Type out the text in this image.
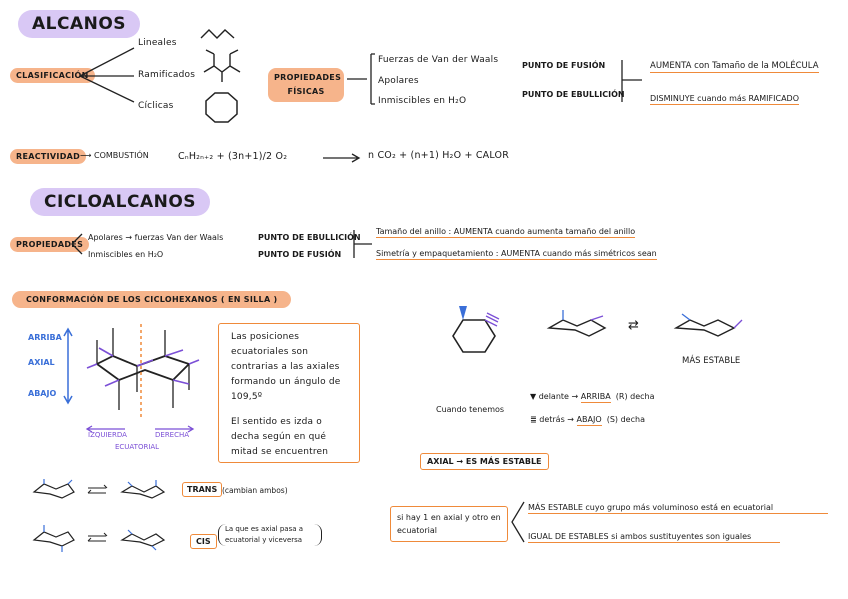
ALCANOS
CLASIFICACIÓN
Lineales
Ramificados
Cíclicas
PROPIEDADES
FÍSICAS
Fuerzas de Van der Waals
Apolares
Inmiscibles en H₂O
PUNTO DE FUSIÓN
PUNTO DE EBULLICIÓN
AUMENTA con Tamaño de la MOLÉCULA
DISMINUYE cuando más RAMIFICADO
REACTIVIDAD ⟶ COMBUSTIÓN	CₙH₂ₙ₊₂ + (3n+1)/2 O₂ → n CO₂ + (n+1) H₂O + CALOR
CICLOALCANOS
PROPIEDADES
Apolares → fuerzas Van der Waals
Inmiscibles en H₂O
PUNTO DE EBULLICIÓN
PUNTO DE FUSIÓN
Tamaño del anillo : AUMENTA cuando aumenta tamaño del anillo
Simetría y empaquetamiento : AUMENTA cuando más simétricos sean
CONFORMACIÓN DE LOS CICLOHEXANOS ( EN SILLA )
ARRIBA
AXIAL
ABAJO
IZQUIERDA	DERECHA
ECUATORIAL
Las posiciones ecuatoriales son contrarias a las axiales formando un ángulo de 109,5º
El sentido es izda o decha según en qué mitad se encuentren
TRANS (cambian ambos)
CIS
La que es axial pasa a ecuatorial y viceversa
⇄
MÁS ESTABLE
Cuando tenemos
▼ delante → ARRIBA (R) decha
≣ detrás → ABAJO (S) decha
AXIAL → ES MÁS ESTABLE
si hay 1 en axial y otro en ecuatorial
MÁS ESTABLE cuyo grupo más voluminoso está en ecuatorial
IGUAL DE ESTABLES si ambos sustituyentes son iguales
